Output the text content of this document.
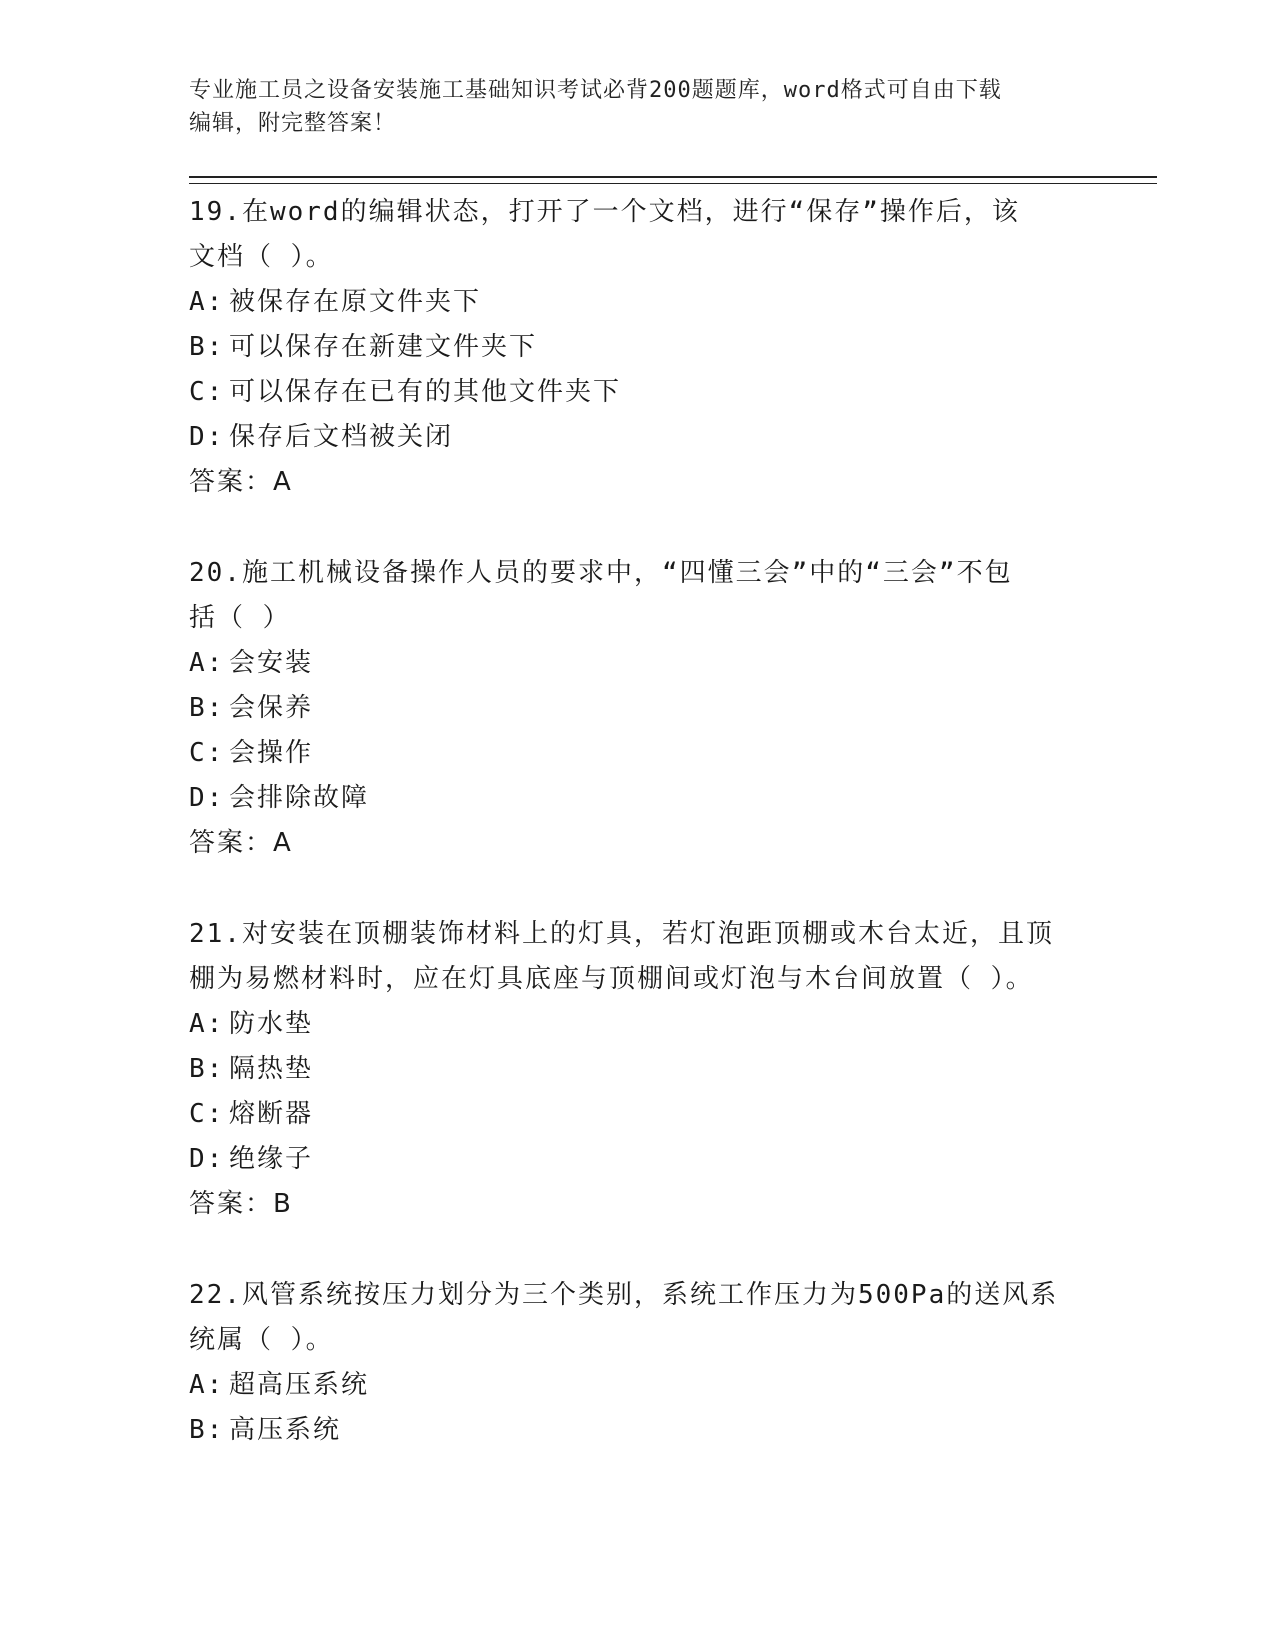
专业施工员之设备安装施工基础知识考试必背200题题库，word格式可自由下载
编辑，附完整答案！

19.在word的编辑状态，打开了一个文档，进行“保存”操作后，该

文档（ ）。

A: 被保存在原文件夹下

B: 可以保存在新建文件夹下

C: 可以保存在已有的其他文件夹下

D: 保存后文档被关闭

答案：A

20.施工机械设备操作人员的要求中，“四懂三会”中的“三会”不包

括（ ）

A: 会安装

B: 会保养

C: 会操作

D: 会排除故障

答案：A

21.对安装在顶棚装饰材料上的灯具，若灯泡距顶棚或木台太近，且顶

棚为易燃材料时，应在灯具底座与顶棚间或灯泡与木台间放置（ ）。

A: 防水垫

B: 隔热垫

C: 熔断器

D: 绝缘子

答案：B

22.风管系统按压力划分为三个类别，系统工作压力为500Pa的送风系

统属（ ）。

A: 超高压系统

B: 高压系统
